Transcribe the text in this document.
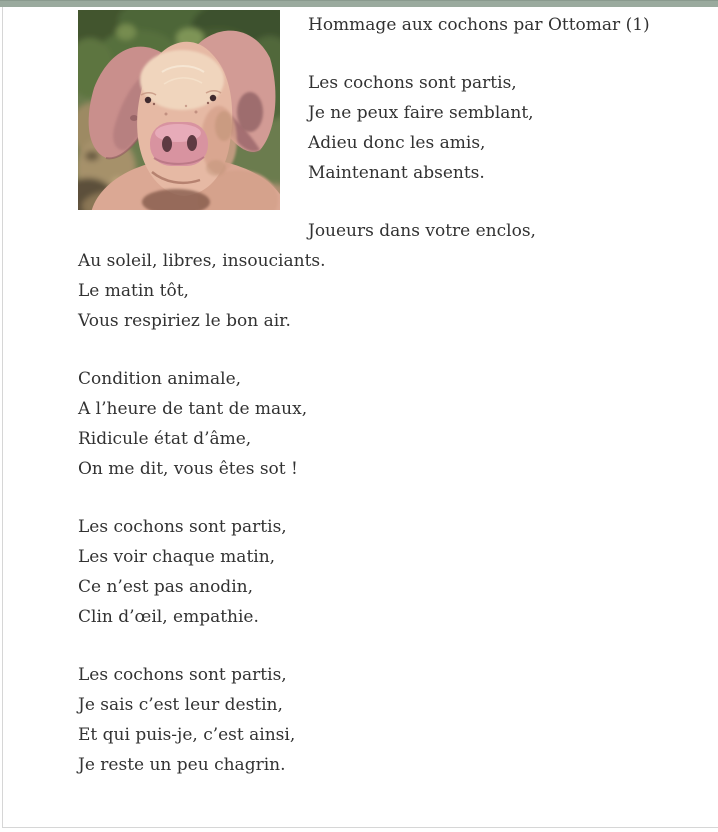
Hommage aux cochons par Ottomar (1)

Les cochons sont partis,
Je ne peux faire semblant,
Adieu donc les amis,
Maintenant absents.

Joueurs dans votre enclos,
Au soleil, libres, insouciants.
Le matin tôt,
Vous respiriez le bon air.

Condition animale,
A l’heure de tant de maux,
Ridicule état d’âme,
On me dit, vous êtes sot !

Les cochons sont partis,
Les voir chaque matin,
Ce n’est pas anodin,
Clin d’œil, empathie.

Les cochons sont partis,
Je sais c’est leur destin,
Et qui puis-je, c’est ainsi,
Je reste un peu chagrin.
